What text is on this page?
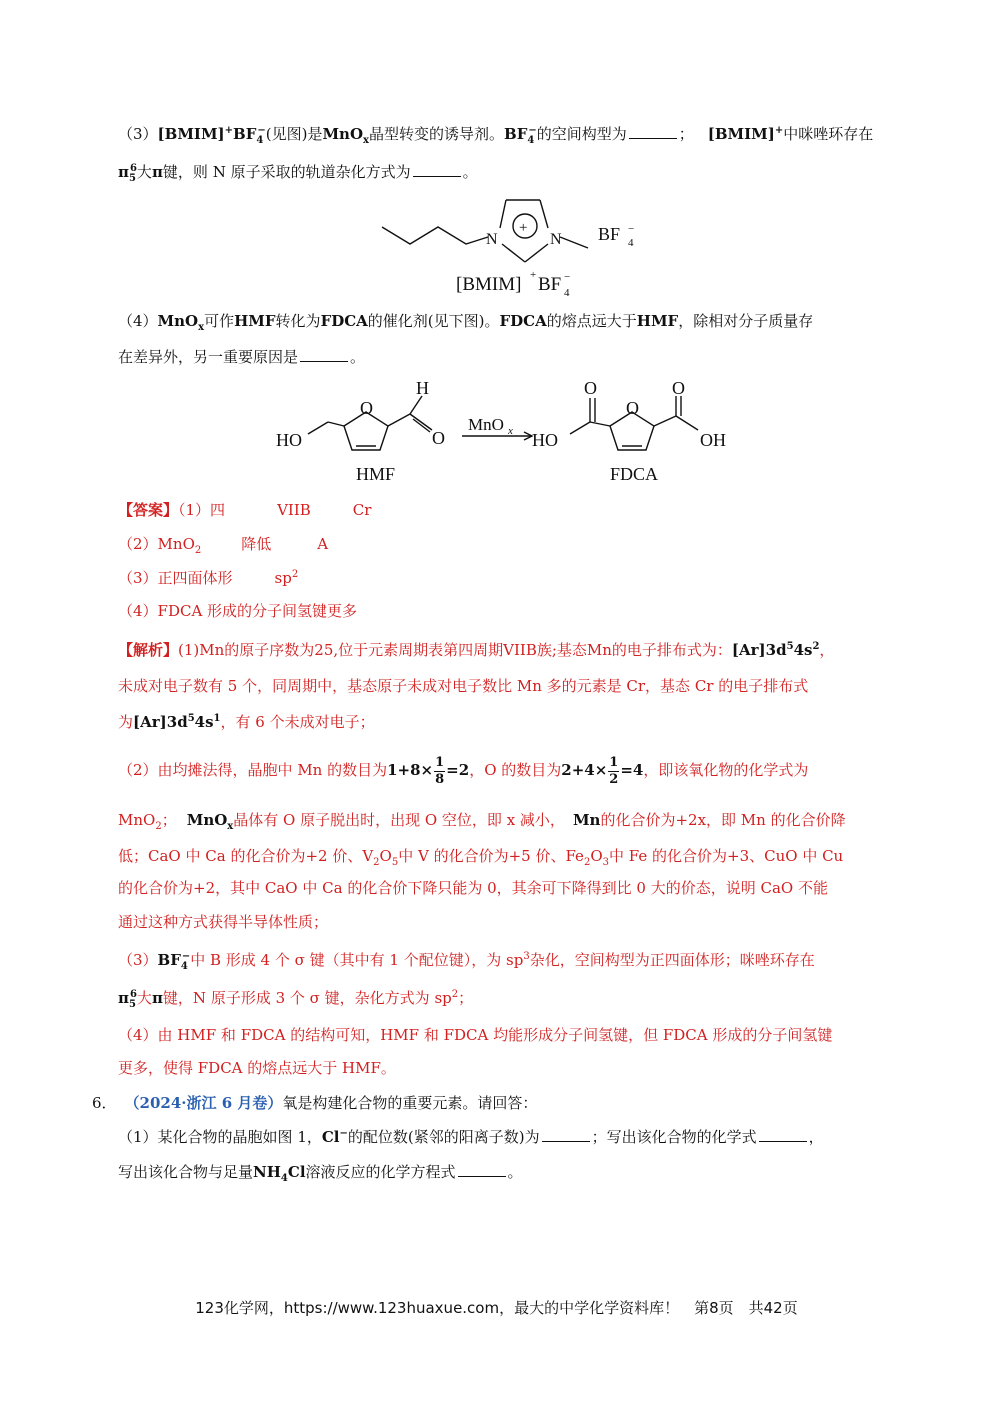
$(3)[BMIM]^+BF_4^-$(见图)是MnO$_x$晶型转变的诱导剂。$BF_4^-$的空间构型为	； [BMIM]+中咪唑环存在
$\pi_5^6$大π键，则 N 原子采取的轨道杂化方式为	。
N	N
+	BF 4
−
[BMIM] + BF 4
−
（4）MnO$_x$可作HMF转化为FDCA的催化剂(见下图)。FDCA的熔点远大于HMF，除相对分子质量存
在差异外，另一重要原因是	。
HO
O
H
O
HMF
MnO x HO
O
O
O
OH
FDCA
【答案】（1）四	VIIB	Cr
（2）MnO$_2$	降低	A
（3）正四面体形	$sp^2$
（4）FDCA 形成的分子间氢键更多
【解析】(1)Mn的原子序数为25,位于元素周期表第四周期VIIB族;基态Mn的电子排布式为：$[Ar]3d^54s^2$，
未成对电子数有 5 个，同周期中，基态原子未成对电子数比 Mn 多的元素是 Cr，基态 Cr 的电子排布式
为$[Ar]3d^54s^1$，有 6 个未成对电子；
（2）由均摊法得，晶胞中 Mn 的数目为$1+8\times \frac{1}{8} =2$，O 的数目为$2+4\times \frac{1}{2} =4$，即该氧化物的化学式为
MnO$_2$； MnO$_x$晶体有 O 原子脱出时，出现 O 空位，即 x 减小， Mn的化合价为+2x，即 Mn 的化合价降
低；CaO 中 Ca 的化合价为+2 价、$V_2O_5$中 V 的化合价为+5 价、$Fe_2O_3$中 Fe 的化合价为+3、CuO 中 Cu
的化合价为+2，其中 CaO 中 Ca 的化合价下降只能为 0，其余可下降得到比 0 大的价态，说明 CaO 不能
通过这种方式获得半导体性质；
$(3)BF_4^-$中 B 形成 4 个 σ 键（其中有 1 个配位键），为 $sp^3$杂化，空间构型为正四面体形；咪唑环存在
$\pi_5^6$大π键，N 原子形成 3 个 σ 键，杂化方式为 $sp^2$；
（4）由 HMF 和 FDCA 的结构可知，HMF 和 FDCA 均能形成分子间氢键，但 FDCA 形成的分子间氢键
更多，使得 FDCA 的熔点远大于 HMF。
6． （2024·浙江 6 月卷）氧是构建化合物的重要元素。请回答：
（1）某化合物的晶胞如图 1，Cl−的配位数(紧邻的阳离子数)为	；写出该化合物的化学式	，
写出该化合物与足量$NH_4Cl$溶液反应的化学方程式	。
123化学网，https://www.123huaxue.com，最大的中学化学资料库！　第8页　共42页
